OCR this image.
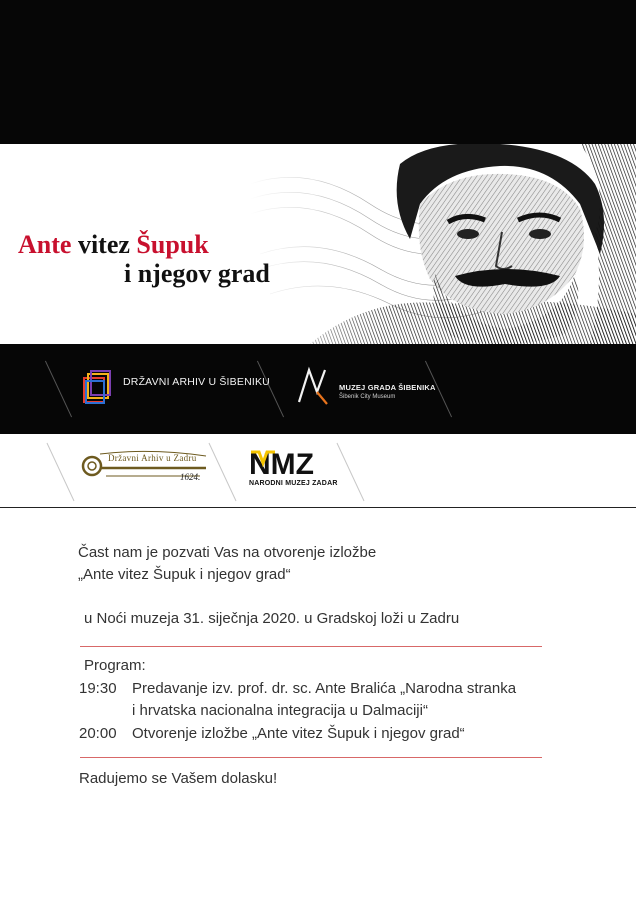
Ante vitez Šupuk
i njegov grad
DRŽAVNI ARHIV U ŠIBENIKU	MUZEJ GRADA ŠIBENIKA
Šibenik City Museum
Državni Arhiv u Zadru
1624. NMZ
NARODNI MUZEJ ZADAR
Čast nam je pozvati Vas na otvorenje izložbe
„Ante vitez Šupuk i njegov grad“
u Noći muzeja 31. siječnja 2020. u Gradskoj loži u Zadru
Program:
19:30 Predavanje izv. prof. dr. sc. Ante Bralića „Narodna stranka
i hrvatska nacionalna integracija u Dalmaciji“
20:00 Otvorenje izložbe „Ante vitez Šupuk i njegov grad“
Radujemo se Vašem dolasku!
